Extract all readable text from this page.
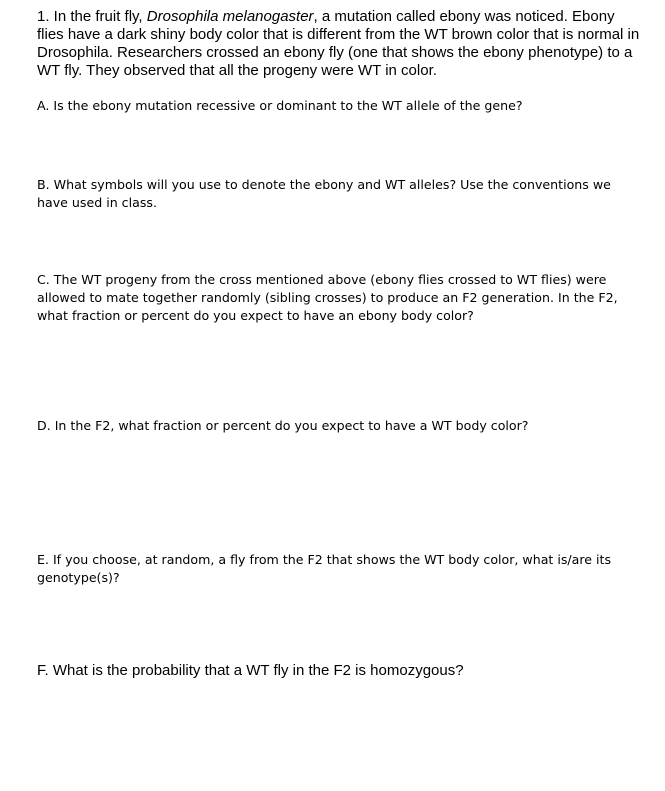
1. In the fruit fly, Drosophila melanogaster, a mutation called ebony was noticed. Ebony flies have a dark shiny body color that is different from the WT brown color that is normal in Drosophila. Researchers crossed an ebony fly (one that shows the ebony phenotype) to a WT fly. They observed that all the progeny were WT in color.
A. Is the ebony mutation recessive or dominant to the WT allele of the gene?
B. What symbols will you use to denote the ebony and WT alleles? Use the conventions we have used in class.
C. The WT progeny from the cross mentioned above (ebony flies crossed to WT flies) were allowed to mate together randomly (sibling crosses) to produce an F2 generation. In the F2, what fraction or percent do you expect to have an ebony body color?
D. In the F2, what fraction or percent do you expect to have a WT body color?
E. If you choose, at random, a fly from the F2 that shows the WT body color, what is/are its genotype(s)?
F. What is the probability that a WT fly in the F2 is homozygous?
